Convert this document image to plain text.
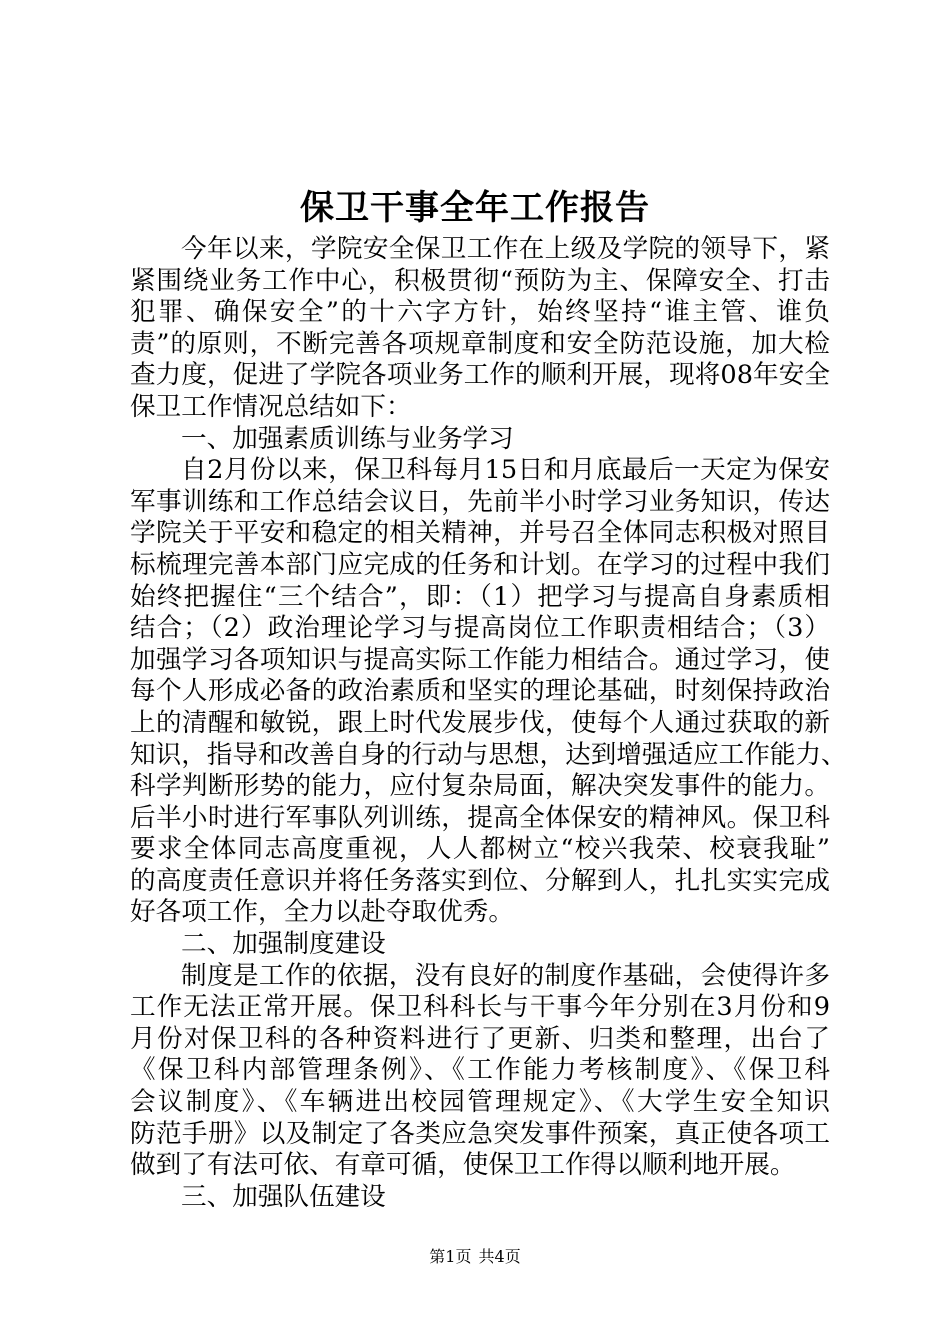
保卫干事全年工作报告
今年以来，学院安全保卫工作在上级及学院的领导下，紧
紧围绕业务工作中心，积极贯彻“预防为主、保障安全、打击
犯罪、确保安全”的十六字方针，始终坚持“谁主管、谁负
责”的原则，不断完善各项规章制度和安全防范设施，加大检
查力度，促进了学院各项业务工作的顺利开展，现将08年安全
保卫工作情况总结如下：
一、加强素质训练与业务学习
自2月份以来，保卫科每月15日和月底最后一天定为保安
军事训练和工作总结会议日，先前半小时学习业务知识，传达
学院关于平安和稳定的相关精神，并号召全体同志积极对照目
标梳理完善本部门应完成的任务和计划。在学习的过程中我们
始终把握住“三个结合”，即：（1）把学习与提高自身素质相
结合；（2）政治理论学习与提高岗位工作职责相结合；（3）
加强学习各项知识与提高实际工作能力相结合。通过学习，使
每个人形成必备的政治素质和坚实的理论基础，时刻保持政治
上的清醒和敏锐，跟上时代发展步伐，使每个人通过获取的新
知识，指导和改善自身的行动与思想，达到增强适应工作能力、
科学判断形势的能力，应付复杂局面，解决突发事件的能力。
后半小时进行军事队列训练，提高全体保安的精神风。保卫科
要求全体同志高度重视，人人都树立“校兴我荣、校衰我耻”
的高度责任意识并将任务落实到位、分解到人，扎扎实实完成
好各项工作，全力以赴夺取优秀。
二、加强制度建设
制度是工作的依据，没有良好的制度作基础，会使得许多
工作无法正常开展。保卫科科长与干事今年分别在3月份和9
月份对保卫科的各种资料进行了更新、归类和整理，出台了
《保卫科内部管理条例》、《工作能力考核制度》、《保卫科
会议制度》、《车辆进出校园管理规定》、《大学生安全知识
防范手册》以及制定了各类应急突发事件预案，真正使各项工
做到了有法可依、有章可循，使保卫工作得以顺利地开展。
三、加强队伍建设
第1页 共4页
